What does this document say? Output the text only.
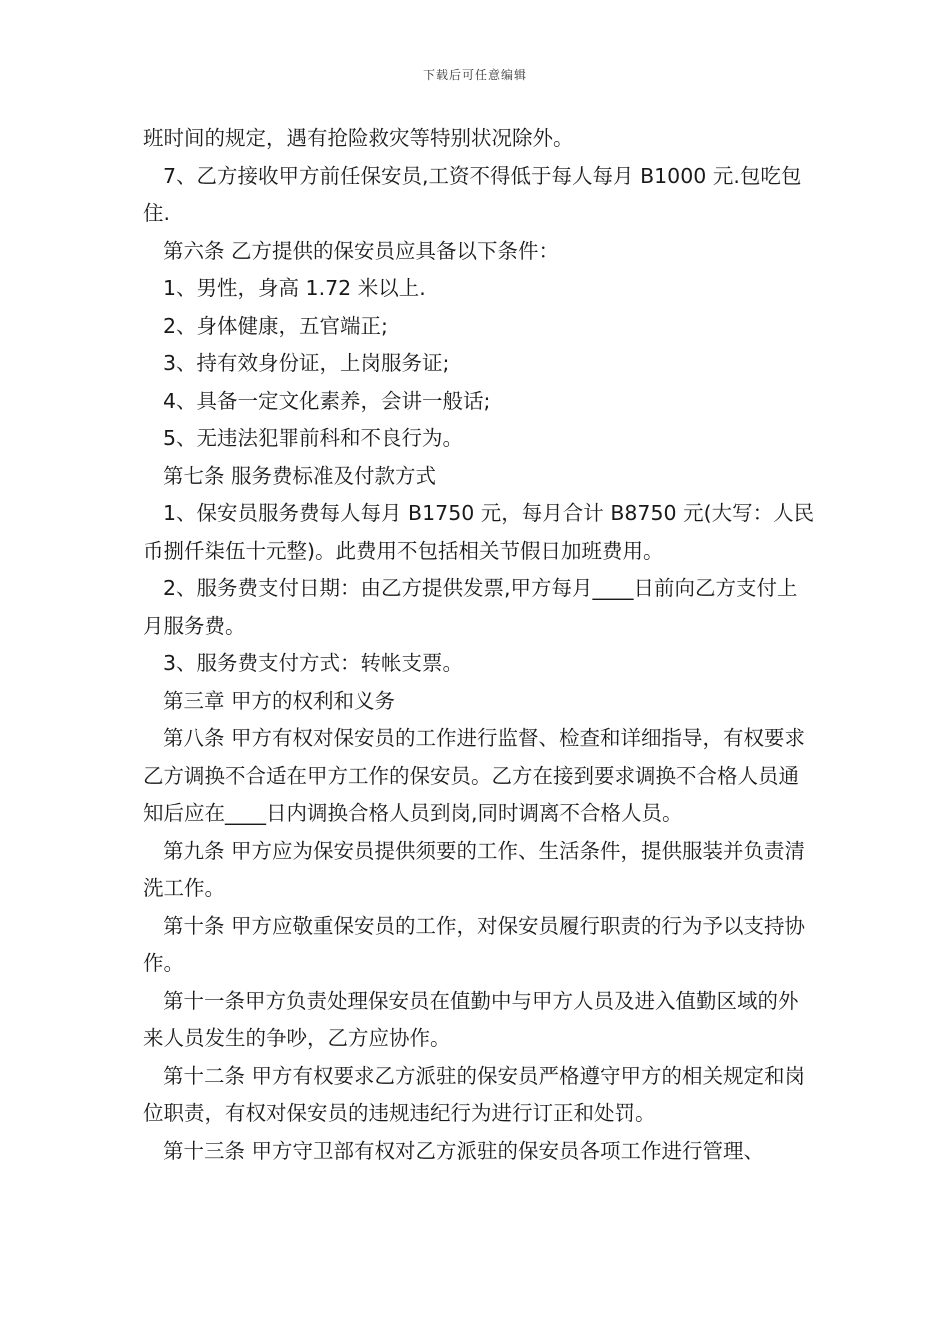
下载后可任意编辑

班时间的规定，遇有抢险救灾等特别状况除外。

7、乙方接收甲方前任保安员,工资不得低于每人每月 B1000 元.包吃包住.

第六条 乙方提供的保安员应具备以下条件：

1、男性，身高 1.72 米以上.

2、身体健康，五官端正;

3、持有效身份证，上岗服务证;

4、具备一定文化素养，会讲一般话;

5、无违法犯罪前科和不良行为。

第七条 服务费标准及付款方式

1、保安员服务费每人每月 B1750 元，每月合计 B8750 元(大写：人民币捌仟柒伍十元整)。此费用不包括相关节假日加班费用。

2、服务费支付日期：由乙方提供发票,甲方每月____日前向乙方支付上月服务费。

3、服务费支付方式：转帐支票。

第三章 甲方的权利和义务

第八条 甲方有权对保安员的工作进行监督、检查和详细指导，有权要求乙方调换不合适在甲方工作的保安员。乙方在接到要求调换不合格人员通知后应在____日内调换合格人员到岗,同时调离不合格人员。

第九条 甲方应为保安员提供须要的工作、生活条件，提供服装并负责清洗工作。

第十条 甲方应敬重保安员的工作，对保安员履行职责的行为予以支持协作。

第十一条甲方负责处理保安员在值勤中与甲方人员及进入值勤区域的外来人员发生的争吵，乙方应协作。

第十二条 甲方有权要求乙方派驻的保安员严格遵守甲方的相关规定和岗位职责，有权对保安员的违规违纪行为进行订正和处罚。

第十三条 甲方守卫部有权对乙方派驻的保安员各项工作进行管理、
